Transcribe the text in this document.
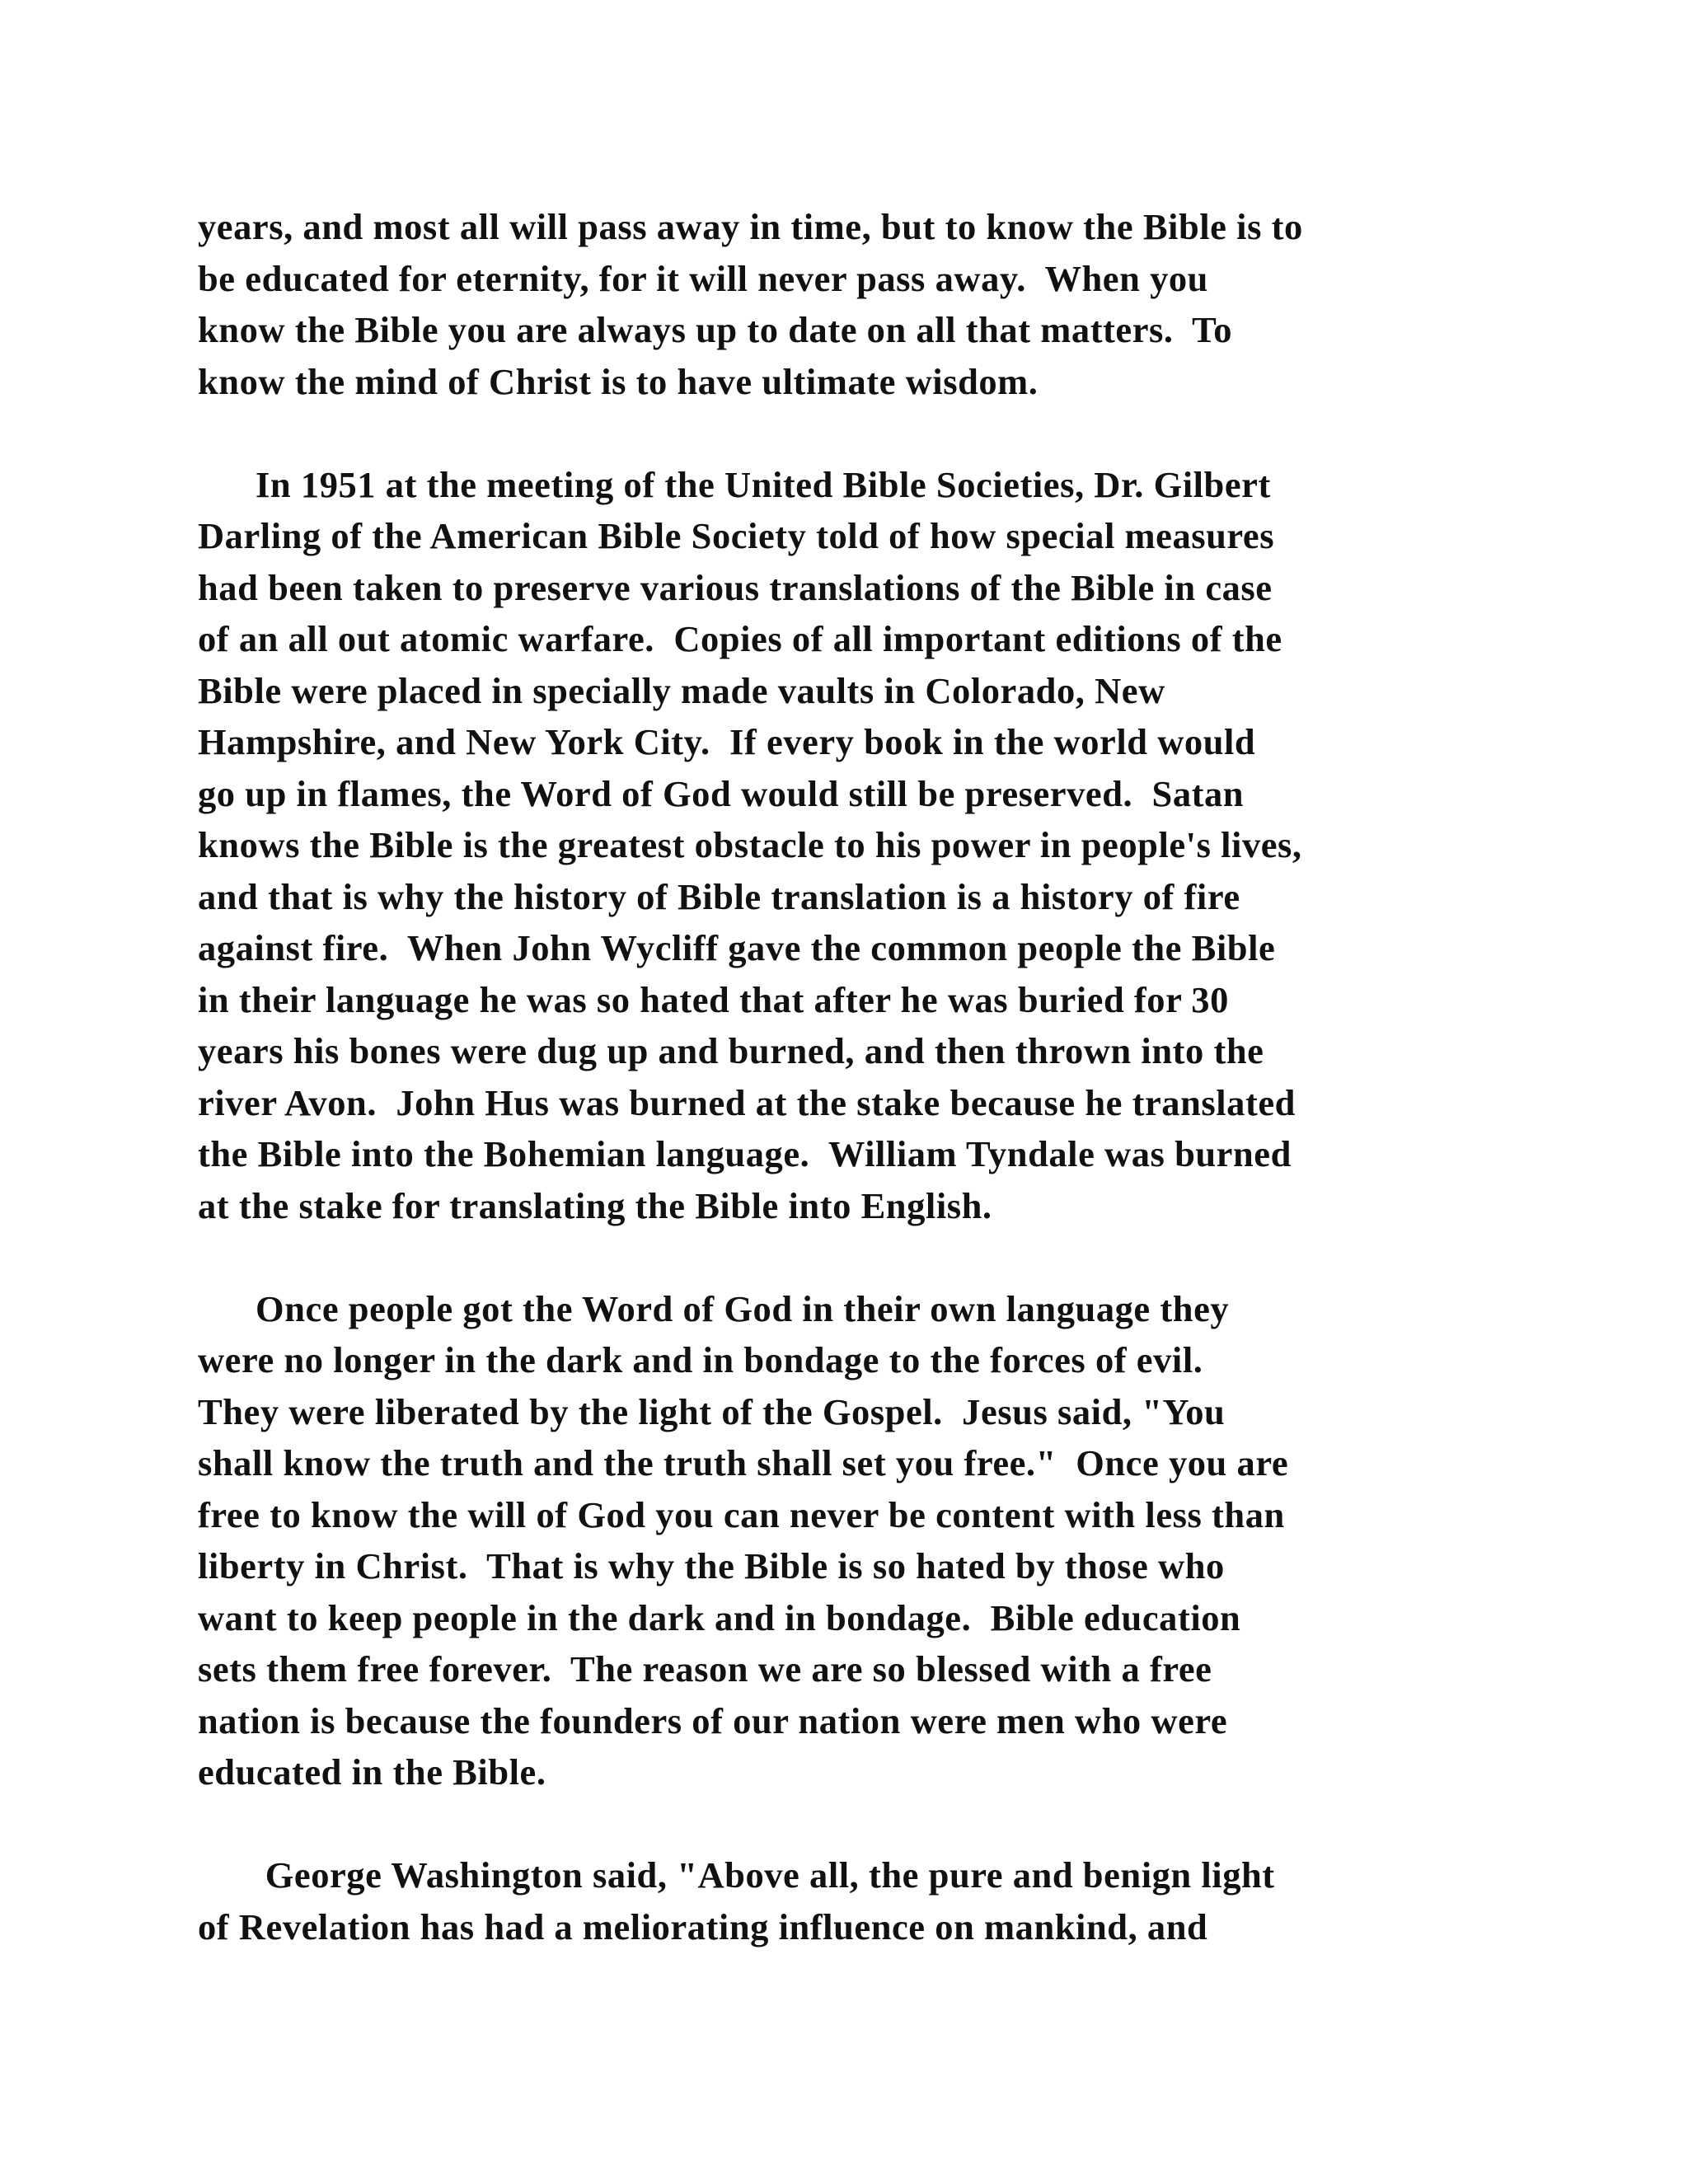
years, and most all will pass away in time, but to know the Bible is to
be educated for eternity, for it will never pass away.  When you
know the Bible you are always up to date on all that matters.  To
know the mind of Christ is to have ultimate wisdom.
In 1951 at the meeting of the United Bible Societies, Dr. Gilbert
Darling of the American Bible Society told of how special measures
had been taken to preserve various translations of the Bible in case
of an all out atomic warfare.  Copies of all important editions of the
Bible were placed in specially made vaults in Colorado, New
Hampshire, and New York City.  If every book in the world would
go up in flames, the Word of God would still be preserved.  Satan
knows the Bible is the greatest obstacle to his power in people's lives,
and that is why the history of Bible translation is a history of fire
against fire.  When John Wycliff gave the common people the Bible
in their language he was so hated that after he was buried for 30
years his bones were dug up and burned, and then thrown into the
river Avon.  John Hus was burned at the stake because he translated
the Bible into the Bohemian language.  William Tyndale was burned
at the stake for translating the Bible into English.
Once people got the Word of God in their own language they
were no longer in the dark and in bondage to the forces of evil.
They were liberated by the light of the Gospel.  Jesus said, "You
shall know the truth and the truth shall set you free."  Once you are
free to know the will of God you can never be content with less than
liberty in Christ.  That is why the Bible is so hated by those who
want to keep people in the dark and in bondage.  Bible education
sets them free forever.  The reason we are so blessed with a free
nation is because the founders of our nation were men who were
educated in the Bible.
George Washington said, "Above all, the pure and benign light
of Revelation has had a meliorating influence on mankind, and
